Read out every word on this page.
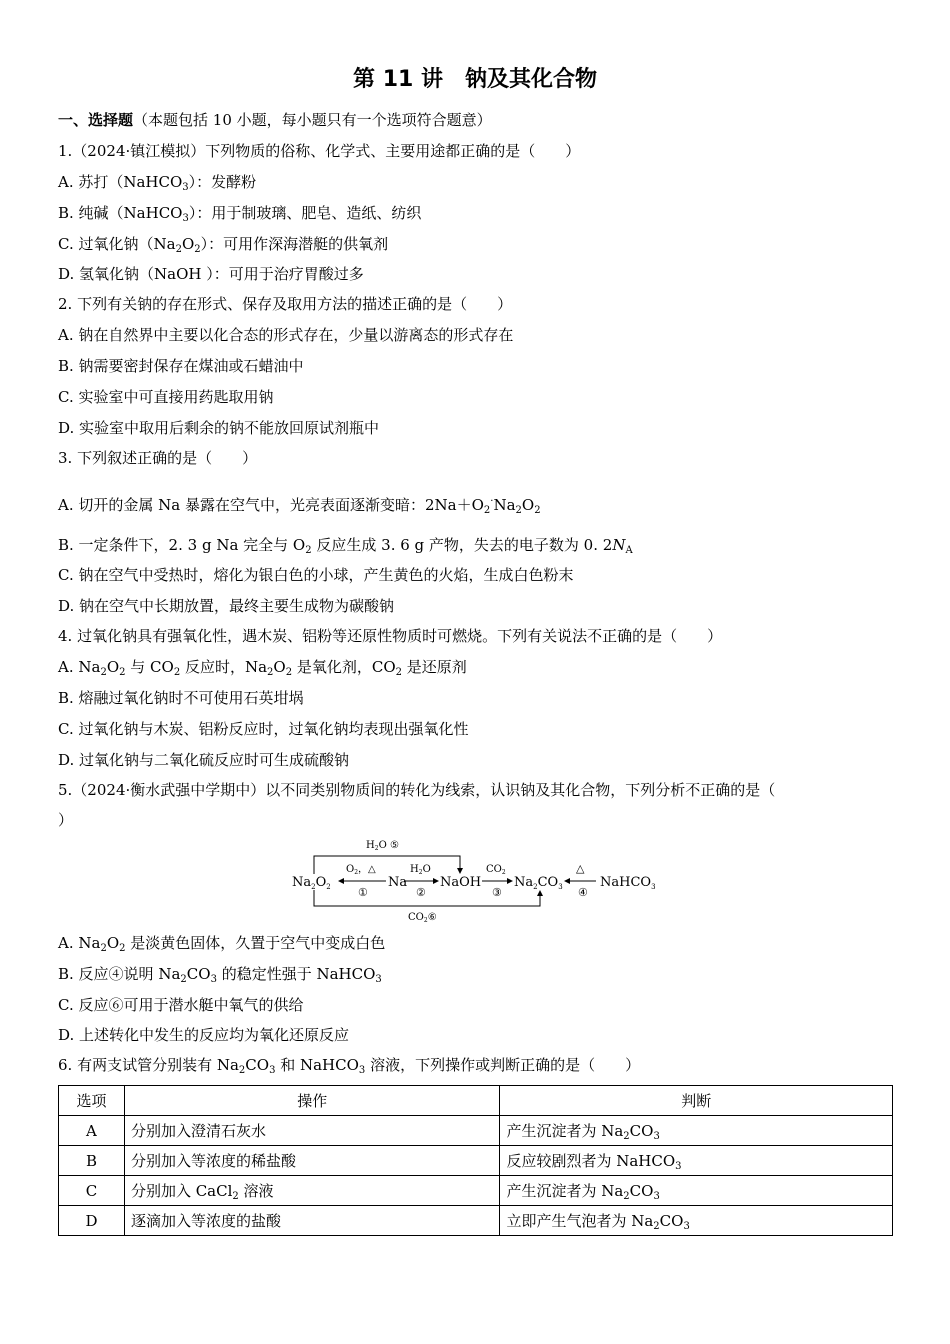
第 11 讲　钠及其化合物
一、选择题（本题包括 10 小题，每小题只有一个选项符合题意）
1.（2024·镇江模拟）下列物质的俗称、化学式、主要用途都正确的是（　　）
A. 苏打（NaHCO$_3$）：发酵粉
B. 纯碱（NaHCO$_3$）：用于制玻璃、肥皂、造纸、纺织
C. 过氧化钠$(Na_2O_2)$：可用作深海潜艇的供氧剂
D. 氢氧化钠（NaOH ）：可用于治疗胃酸过多
2. 下列有关钠的存在形式、保存及取用方法的描述正确的是（　　）
A. 钠在自然界中主要以化合态的形式存在，少量以游离态的形式存在
B. 钠需要密封保存在煤油或石蜡油中
C. 实验室中可直接用药匙取用钠
D. 实验室中取用后剩余的钠不能放回原试剂瓶中
3. 下列叙述正确的是（　　）
A. 切开的金属 Na 暴露在空气中，光亮表面逐渐变暗：$2Na+O_2^\cdot Na_2O_2$
B. 一定条件下，2. 3 g Na 完全与 $O_2$ 反应生成 3. 6 g 产物，失去的电子数为 0. $2N_A$
C. 钠在空气中受热时，熔化为银白色的小球，产生黄色的火焰，生成白色粉末
D. 钠在空气中长期放置，最终主要生成物为碳酸钠
4. 过氧化钠具有强氧化性，遇木炭、铝粉等还原性物质时可燃烧。下列有关说法不正确的是（　　）
A. $Na_2O_2$ 与 $CO_2$ 反应时，$Na_2O_2$ 是氧化剂，$CO_2$ 是还原剂
B. 熔融过氧化钠时不可使用石英坩埚
C. 过氧化钠与木炭、铝粉反应时，过氧化钠均表现出强氧化性
D. 过氧化钠与二氧化硫反应时可生成硫酸钠
5.（2024·衡水武强中学期中）以不同类别物质间的转化为线索，认识钠及其化合物，下列分析不正确的是（
）
$H_2O$ ⑤
$Na_2O_2$	Na	NaOH	$Na_2CO_3$	NaHCO$_3$
$O_2$，△
①
$H_2O$
②
$CO_2$
③
△
④
$CO_2⑥$
A. $Na_2O_2$ 是淡黄色固体，久置于空气中变成白色
B. 反应④说明 $Na_2CO_3$ 的稳定性强于 NaHCO$_3$
C. 反应⑥可用于潜水艇中氧气的供给
D. 上述转化中发生的反应均为氧化还原反应
6. 有两支试管分别装有 $Na_2CO_3$ 和 NaHCO$_3$ 溶液，下列操作或判断正确的是（　　）
选项	操作	判断
A	分别加入澄清石灰水	产生沉淀者为 $Na_2CO_3$
B	分别加入等浓度的稀盐酸	反应较剧烈者为 NaHCO$_3$
C	分别加入 CaCl$_2$ 溶液	产生沉淀者为 $Na_2CO_3$
D	逐滴加入等浓度的盐酸	立即产生气泡者为 $Na_2CO_3$
